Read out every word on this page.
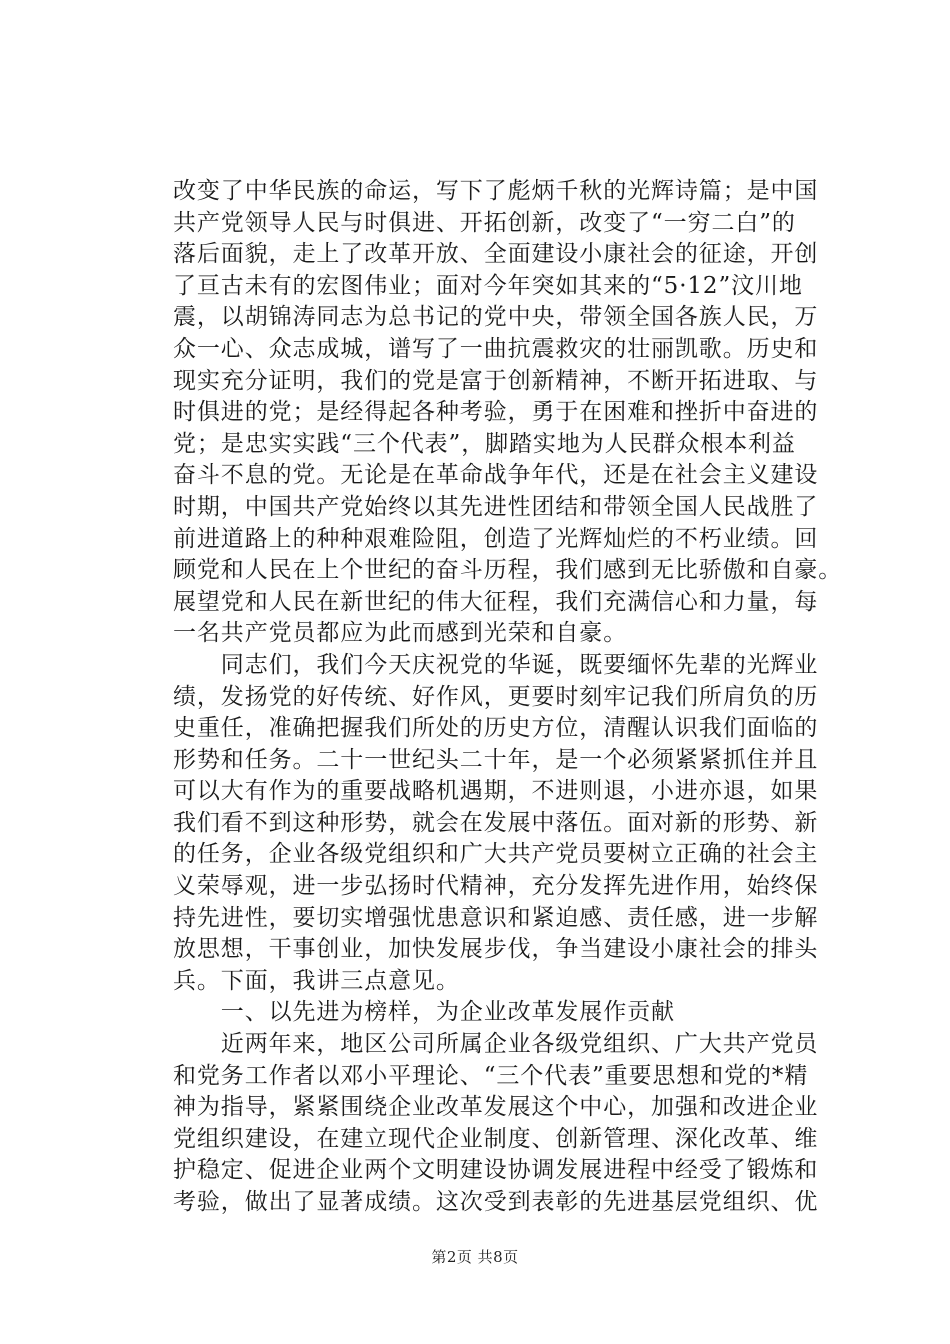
改变了中华民族的命运，写下了彪炳千秋的光辉诗篇；是中国
共产党领导人民与时俱进、开拓创新，改变了“一穷二白”的
落后面貌，走上了改革开放、全面建设小康社会的征途，开创
了亘古未有的宏图伟业；面对今年突如其来的“5·12”汶川地
震，以胡锦涛同志为总书记的党中央，带领全国各族人民，万
众一心、众志成城，谱写了一曲抗震救灾的壮丽凯歌。历史和
现实充分证明，我们的党是富于创新精神，不断开拓进取、与
时俱进的党；是经得起各种考验，勇于在困难和挫折中奋进的
党；是忠实实践“三个代表”，脚踏实地为人民群众根本利益
奋斗不息的党。无论是在革命战争年代，还是在社会主义建设
时期，中国共产党始终以其先进性团结和带领全国人民战胜了
前进道路上的种种艰难险阻，创造了光辉灿烂的不朽业绩。回
顾党和人民在上个世纪的奋斗历程，我们感到无比骄傲和自豪。
展望党和人民在新世纪的伟大征程，我们充满信心和力量，每
一名共产党员都应为此而感到光荣和自豪。
　　同志们，我们今天庆祝党的华诞，既要缅怀先辈的光辉业
绩，发扬党的好传统、好作风，更要时刻牢记我们所肩负的历
史重任，准确把握我们所处的历史方位，清醒认识我们面临的
形势和任务。二十一世纪头二十年，是一个必须紧紧抓住并且
可以大有作为的重要战略机遇期，不进则退，小进亦退，如果
我们看不到这种形势，就会在发展中落伍。面对新的形势、新
的任务，企业各级党组织和广大共产党员要树立正确的社会主
义荣辱观，进一步弘扬时代精神，充分发挥先进作用，始终保
持先进性，要切实增强忧患意识和紧迫感、责任感，进一步解
放思想，干事创业，加快发展步伐，争当建设小康社会的排头
兵。下面，我讲三点意见。
　　一、以先进为榜样，为企业改革发展作贡献
　　近两年来，地区公司所属企业各级党组织、广大共产党员
和党务工作者以邓小平理论、“三个代表”重要思想和党的*精
神为指导，紧紧围绕企业改革发展这个中心，加强和改进企业
党组织建设，在建立现代企业制度、创新管理、深化改革、维
护稳定、促进企业两个文明建设协调发展进程中经受了锻炼和
考验，做出了显著成绩。这次受到表彰的先进基层党组织、优
第2页 共8页
